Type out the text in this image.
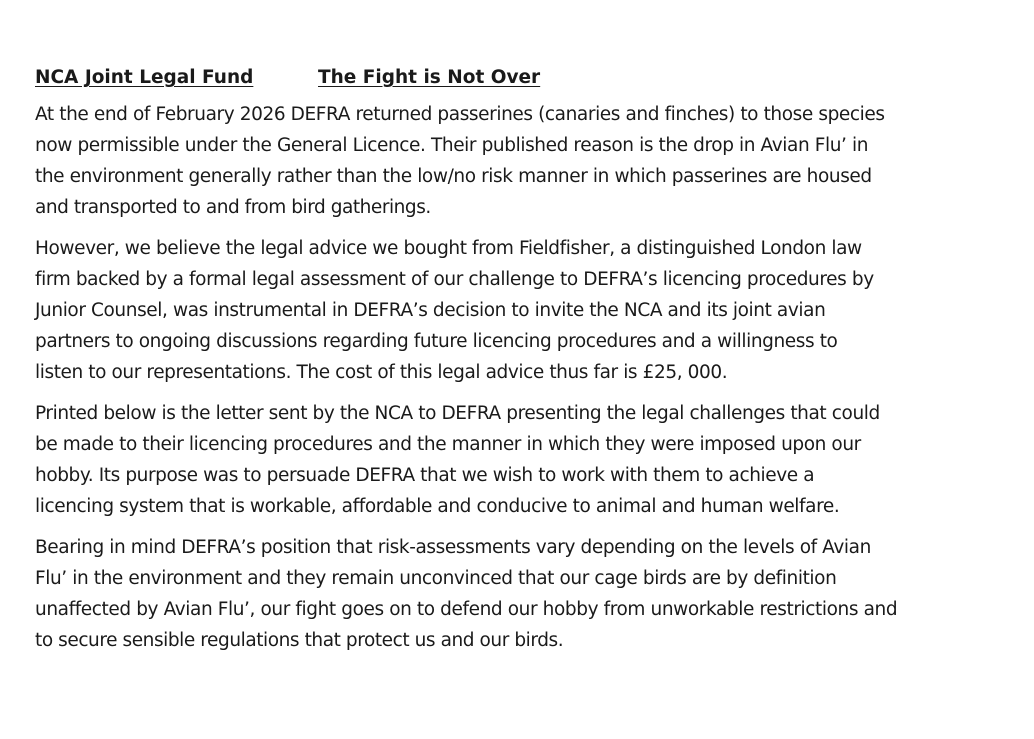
NCA Joint Legal Fund	The Fight is Not Over

At the end of February 2026 DEFRA returned passerines (canaries and finches) to those species
now permissible under the General Licence. Their published reason is the drop in Avian Flu’ in
the environment generally rather than the low/no risk manner in which passerines are housed
and transported to and from bird gatherings.

However, we believe the legal advice we bought from Fieldfisher, a distinguished London law
firm backed by a formal legal assessment of our challenge to DEFRA’s licencing procedures by
Junior Counsel, was instrumental in DEFRA’s decision to invite the NCA and its joint avian
partners to ongoing discussions regarding future licencing procedures and a willingness to
listen to our representations. The cost of this legal advice thus far is £25, 000.

Printed below is the letter sent by the NCA to DEFRA presenting the legal challenges that could
be made to their licencing procedures and the manner in which they were imposed upon our
hobby. Its purpose was to persuade DEFRA that we wish to work with them to achieve a
licencing system that is workable, affordable and conducive to animal and human welfare.

Bearing in mind DEFRA’s position that risk-assessments vary depending on the levels of Avian
Flu’ in the environment and they remain unconvinced that our cage birds are by definition
unaffected by Avian Flu’, our fight goes on to defend our hobby from unworkable restrictions and
to secure sensible regulations that protect us and our birds.
